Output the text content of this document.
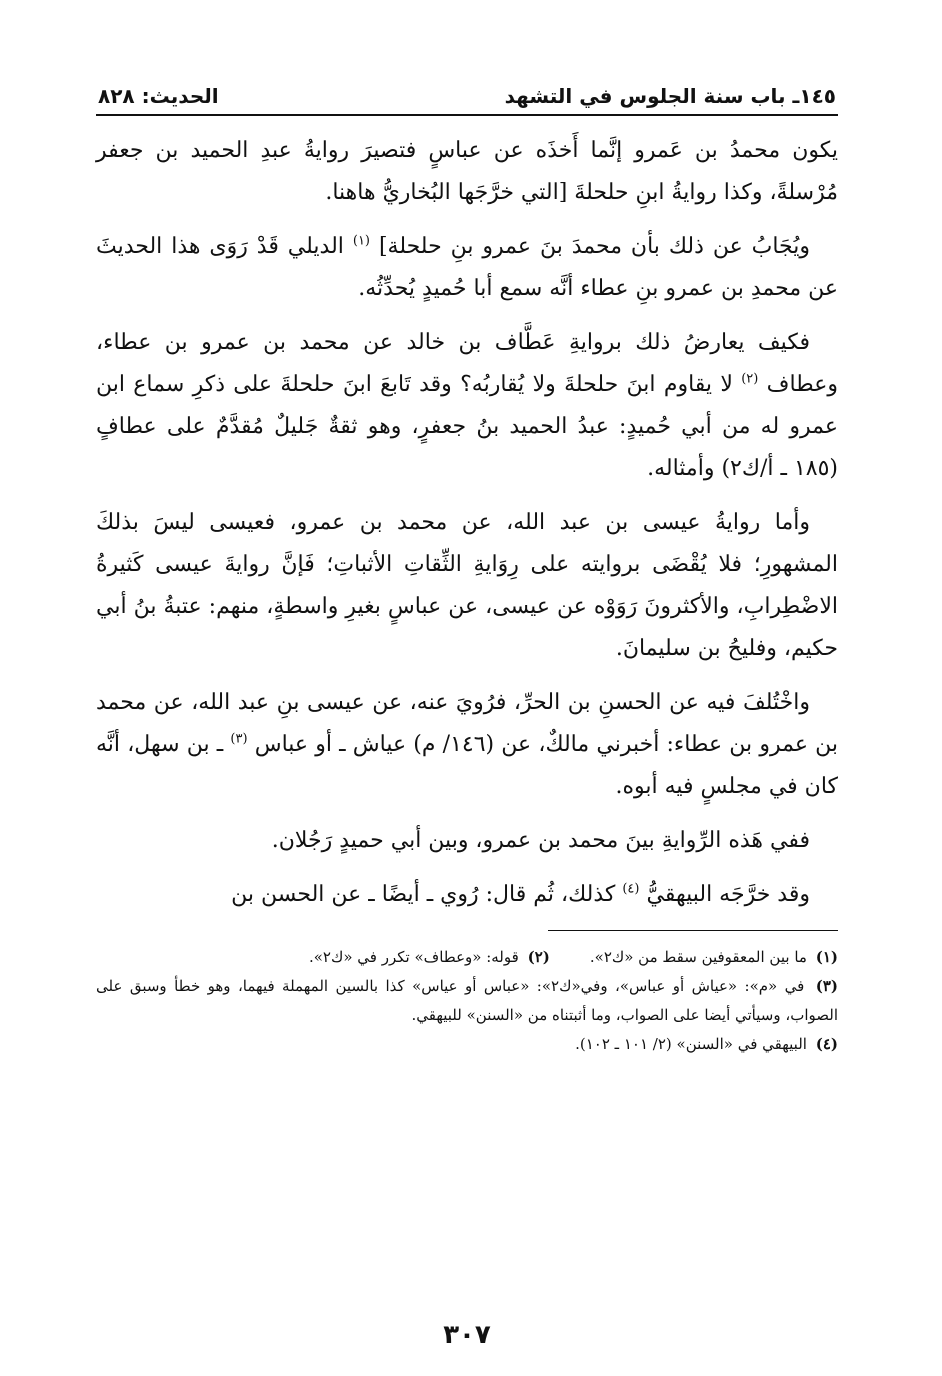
١٤٥ـ باب سنة الجلوس في التشهد
الحديث: ٨٢٨

يكون محمدُ بن عَمرو إنَّما أَخذَه عن عباسٍ فتصيرَ روايةُ عبدِ الحميد بن جعفر مُرْسلةً، وكذا روايةُ ابنِ حلحلةَ [التي خرَّجَها البُخاريُّ هاهنا.

ويُجَابُ عن ذلك بأن محمدَ بنَ عمرو بنِ حلحلة] $^{(١)}$ الديلي قَدْ رَوَى هذا الحديثَ عن محمدِ بن عمرو بنِ عطاء أنَّه سمع أبا حُميدٍ يُحدِّثُه.

فكيف يعارضُ ذلك بروايةِ عَطَّاف بن خالد عن محمد بن عمرو بن عطاء، وعطاف $^{(٢)}$ لا يقاوم ابنَ حلحلةَ ولا يُقاربُه؟ وقد تَابعَ ابنَ حلحلةَ على ذكرِ سماع ابن عمرو له من أبي حُميدٍ: عبدُ الحميد بنُ جعفرٍ، وهو ثقةٌ جَليلٌ مُقدَّمٌ على عطافٍ (١٨٥ ـ أ/ك٢) وأمثاله.

وأما روايةُ عيسى بن عبد الله، عن محمد بن عمرو، فعيسى ليسَ بذلكَ المشهورِ؛ فلا يُقْضَى بروايته على رِوَايةِ الثِّقاتِ الأثباتِ؛ فَإنَّ روايةَ عيسى كَثيرةُ الاضْطِرابِ، والأكثرونَ رَوَوْه عن عيسى، عن عباسٍ بغيرِ واسطةٍ، منهم: عتبةُ بنُ أبي حكيم، وفليحُ بن سليمانَ.

واخْتُلفَ فيه عن الحسنِ بن الحرِّ، فرُويَ عنه، عن عيسى بنِ عبد الله، عن محمد بن عمرو بن عطاء: أخبرني مالكٌ، عن (١٤٦/ م) عياش ـ أو عباس $^{(٣)}$ ـ بن سهل، أنَّه كان في مجلسٍ فيه أبوه.

ففي هَذه الرِّوايةِ بينَ محمد بن عمرو، وبين أبي حميدٍ رَجُلان.

وقد خرَّجَه البيهقيُّ $^{(٤)}$ كذلك، ثُم قال: رُوي ـ أيضًا ـ عن الحسن بن

(١) ما بين المعقوفين سقط من «ك٢».

(٢) قوله: «وعطاف» تكرر في «ك٢».

(٣) في «م»: «عياش أو عباس»، وفي«ك٢»: «عباس أو عياس» كذا بالسين المهملة فيهما، وهو خطأ وسبق على الصواب، وسيأتي أيضا على الصواب، وما أثبتناه من «السنن» للبيهقي.

(٤) البيهقي في «السنن» (٢/ ١٠١ ـ ١٠٢).

٣٠٧
